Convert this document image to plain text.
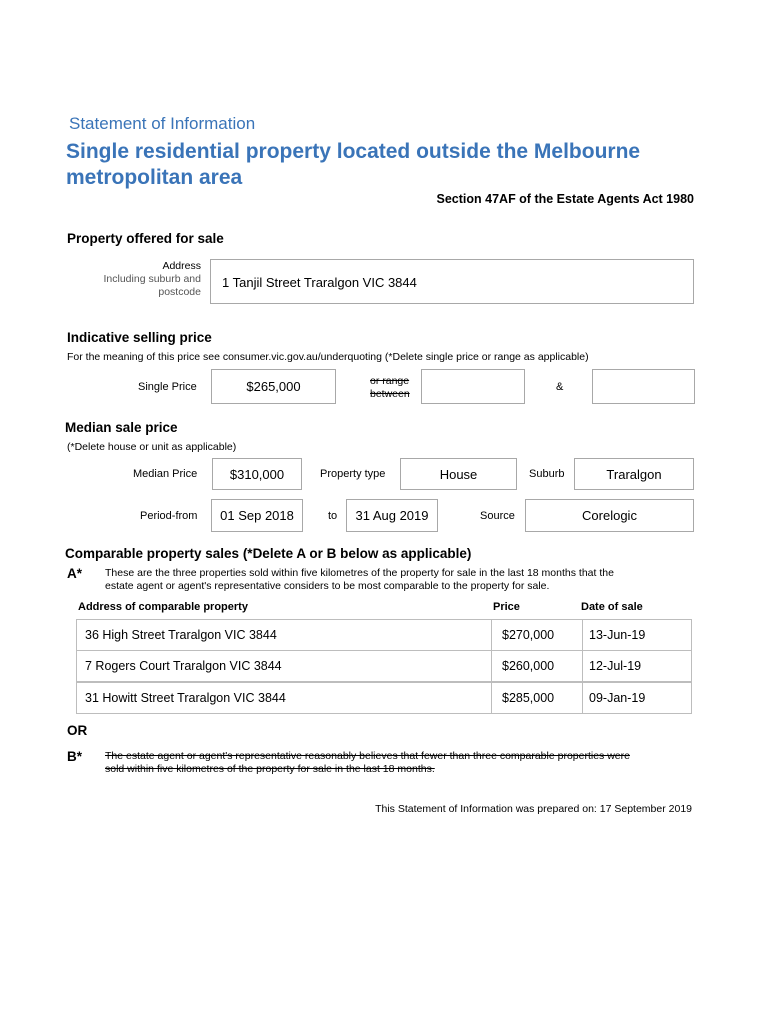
Statement of Information
Single residential property located outside the Melbourne metropolitan area
Section 47AF of the Estate Agents Act 1980
Property offered for sale
Address
Including suburb and
postcode
1 Tanjil Street Traralgon VIC 3844
Indicative selling price
For the meaning of this price see consumer.vic.gov.au/underquoting (*Delete single price or range as applicable)
Single Price	$265,000	or range
between
&
Median sale price
(*Delete house or unit as applicable)
Median Price	$310,000	Property type	House	Suburb	Traralgon
Period-from 01 Sep 2018	to 31 Aug 2019	Source	Corelogic
Comparable property sales (*Delete A or B below as applicable)
A* These are the three properties sold within five kilometres of the property for sale in the last 18 months that the
estate agent or agent's representative considers to be most comparable to the property for sale.
Address of comparable property	Price	Date of sale
36 High Street Traralgon VIC 3844	$270,000	13-Jun-19
7 Rogers Court Traralgon VIC 3844	$260,000	12-Jul-19
31 Howitt Street Traralgon VIC 3844	$285,000	09-Jan-19
OR
B* The estate agent or agent's representative reasonably believes that fewer than three comparable properties were
sold within five kilometres of the property for sale in the last 18 months.
This Statement of Information was prepared on: 17 September 2019
